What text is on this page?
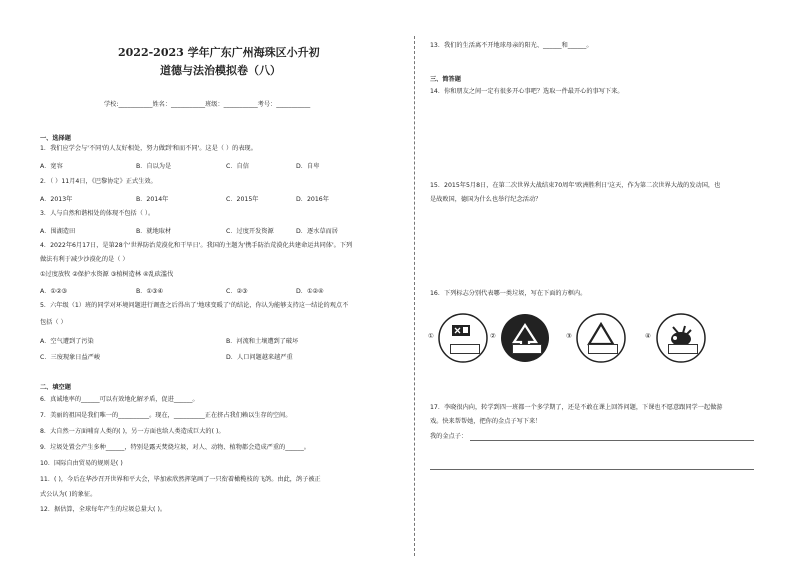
2022-2023 学年广东广州海珠区小升初
道德与法治模拟卷（八）
学校:___________姓名：___________班级：___________考号：___________
一、选择题
1．我们应学会与'不同'的人友好相处，努力做到'和而不同'。这是（ ）的表现。
A．宽容	B．自以为是	C．自信	D．自卑
2．（ ）11月4日，《巴黎协定》正式生效。
A．2013年	B．2014年	C．2015年	D．2016年
3．人与自然和谐相处的体现不包括（ ）。
A．围湖造田	B．就地取材	C．过度开发资源	D．逐水草而居
4．2022年6月17日，是第28个'世界防治荒漠化和干旱日'。我国的主题为'携手防治荒漠化共建命运共同体'。下列
做法有利于减少沙漠化的是（ ）
①过度放牧 ②保护水资源 ③植树造林 ④乱砍滥伐
A．①②③	B．①③④	C．②③	D．①②④
5．六年级（1）班的同学对环境问题进行调查之后得出了'地球变暖了'的结论，你认为能够支持这一结论的观点不
包括（ ）
A．空气遭到了污染	B．河流和土壤遭到了破坏
C．三废现象日益严峻	D．人口问题越来越严重
二、填空题
6．真诚地率的______可以有效地化解矛盾，促进______。
7．美丽的祖国是我们唯一的__________。现在，__________正在挤占我们赖以生存的空间。
8．大自然一方面哺育人类的( )，另一方面也给人类造成巨大的( )。
9．垃圾处置会产生多种______，特别是露天焚烧垃圾，对人、动物、植物都会造成严重的______。
10．国际自由贸易的规则是( )
11．( )，今后在华沙召开世界和平大会，毕加索欣然挥笔画了一只衔着橄榄枝的飞鸽。由此，鸽子被正
式公认为( )的象征。
12．据估算，全球每年产生的垃圾总量大( )。
13．我们的生活离不开地球母亲的阳光、______和______。
三、简答题
14．你和朋友之间一定有很多开心事吧？选取一件最开心的事写下来。
15．2015年5月8日，在第二次世界大战结束70周年'欧洲胜利日'这天，作为第二次世界大战的发动国，也
是战败国，德国为什么也举行纪念活动？
16．下列标志分别代表哪一类垃圾，写在下面的方框内。
①	②	③	④
17．李晓很内向，转学到四一班都一个多学期了，还是不敢在课上回答问题，下课也不愿意跟同学一起做游
戏。快来帮帮她，把你的金点子写下来！
我的金点子：
